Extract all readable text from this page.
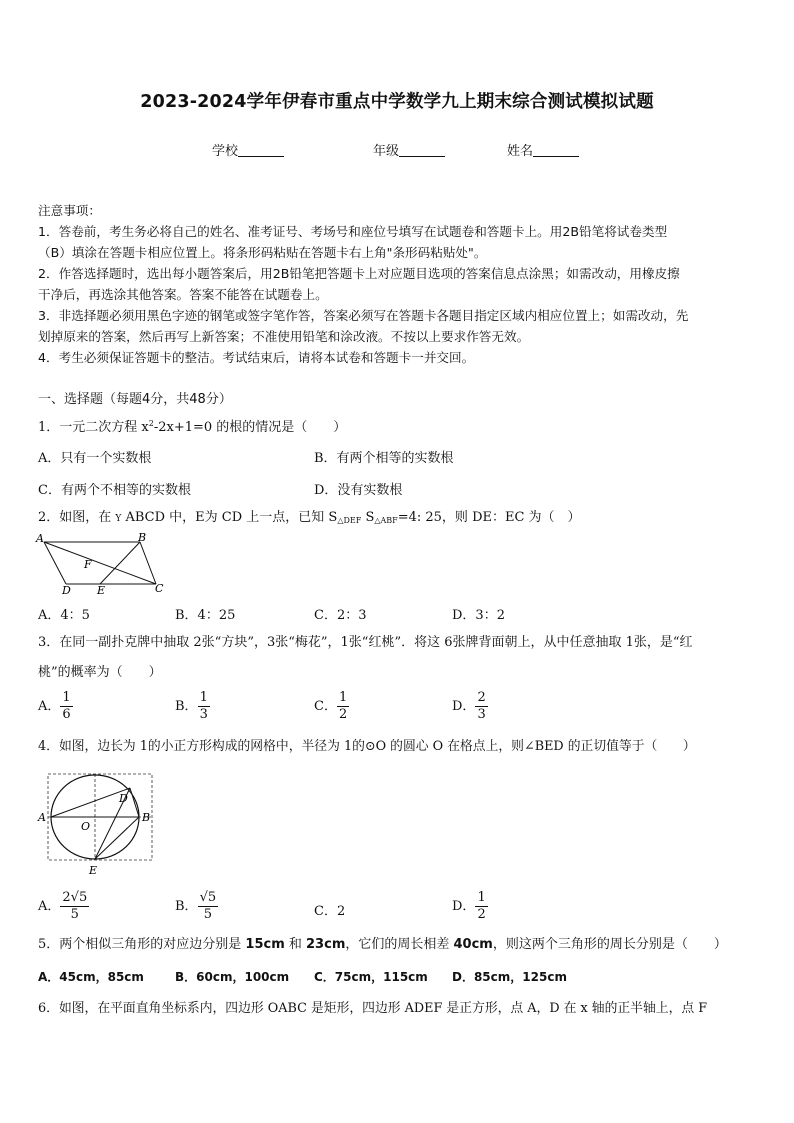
2023-2024学年伊春市重点中学数学九上期末综合测试模拟试题
学校	年级	姓名
注意事项：
1．答卷前，考生务必将自己的姓名、准考证号、考场号和座位号填写在试题卷和答题卡上。用2B铅笔将试卷类型
（B）填涂在答题卡相应位置上。将条形码粘贴在答题卡右上角"条形码粘贴处"。
2．作答选择题时，选出每小题答案后，用2B铅笔把答题卡上对应题目选项的答案信息点涂黑；如需改动，用橡皮擦
干净后，再选涂其他答案。答案不能答在试题卷上。
3．非选择题必须用黑色字迹的钢笔或签字笔作答，答案必须写在答题卡各题目指定区域内相应位置上；如需改动，先
划掉原来的答案，然后再写上新答案；不准使用铅笔和涂改液。不按以上要求作答无效。
4．考生必须保证答题卡的整洁。考试结束后，请将本试卷和答题卡一并交回。
一、选择题（每题4分，共48分）
1．一元二次方程 $x^2-2x+1=0$ 的根的情况是（　　）
A．只有一个实数根	B．有两个相等的实数根
C．有两个不相等的实数根	D．没有实数根
2．如图，在 Y ABCD 中，E为 CD 上一点，已知 $S_{\triangle DEF}$ $S_{\triangle ABF}=4$: 25，则 DE：EC 为（　）
A	B
C
D E
F
A．4：5	B．4：25	C．2：3	D．3：2
3．在同一副扑克牌中抽取 2张“方块”，3张“梅花”，1张“红桃”．将这 6张牌背面朝上，从中任意抽取 1张，是“红
桃”的概率为（　　）
A． $\frac{1}{6}$	B． $\frac{1}{3}$	C． $\frac{1}{2}$	D． $\frac{2}{3}$
4．如图，边长为 1的小正方形构成的网格中，半径为 1的⊙O 的圆心 O 在格点上，则∠BED 的正切值等于（　　）
A	B
D
O
E
A． $\frac{2√5}{5}$	B． $\frac{√5}{5}$	C．2	D． $\frac{1}{2}$
5．两个相似三角形的对应边分别是 15cm 和 23cm，它们的周长相差 40cm，则这两个三角形的周长分别是（　　）
A．45cm，85cm	B．60cm，100cm C．75cm，115cm D．85cm，125cm
6．如图，在平面直角坐标系内，四边形 OABC 是矩形，四边形 ADEF 是正方形，点 A，D 在 x 轴的正半轴上，点 F
